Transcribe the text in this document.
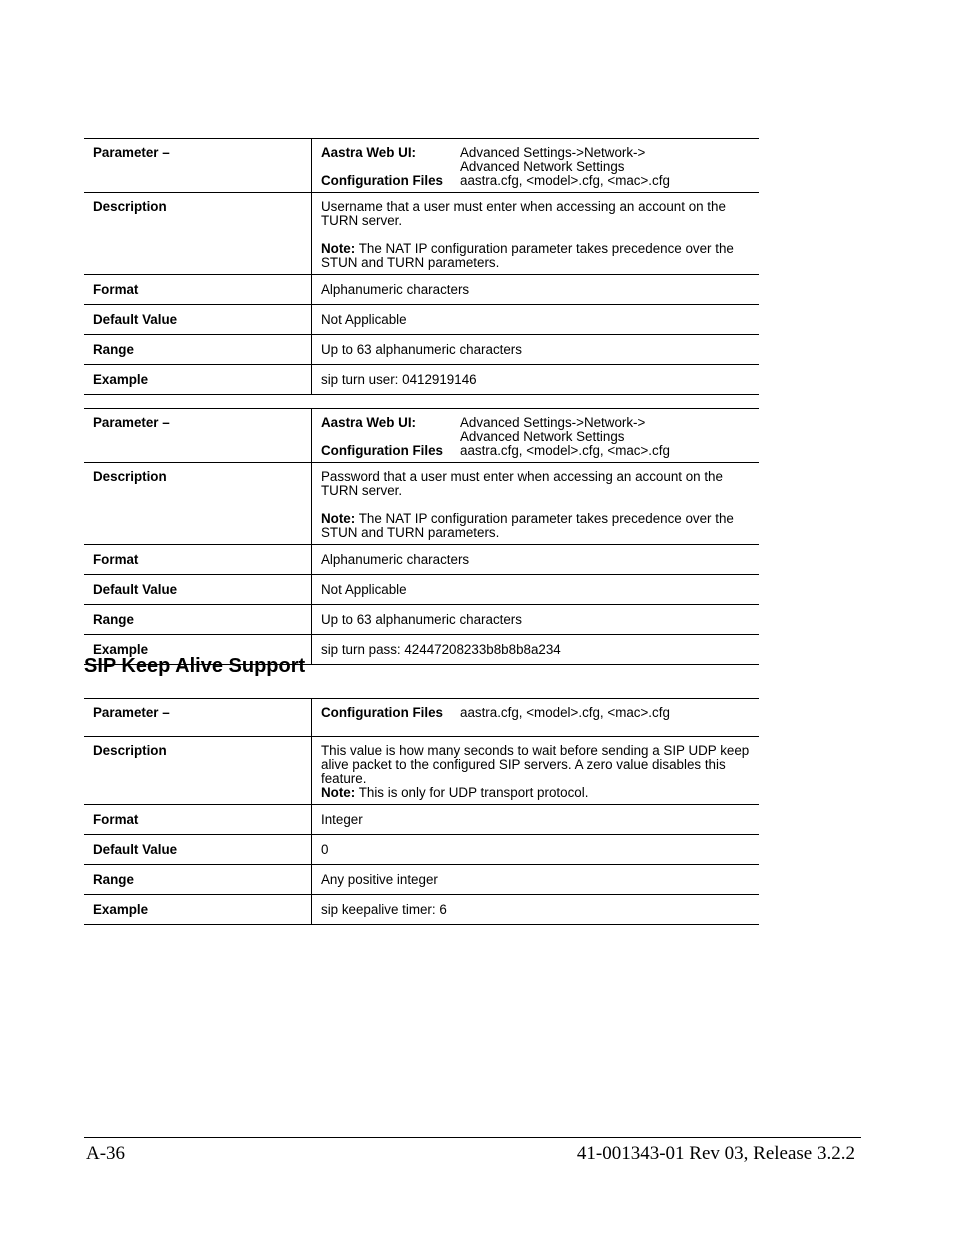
Parameter –	Aastra Web UI: Advanced Settings->Network->
Advanced Network Settings
Configuration Files aastra.cfg, <model>.cfg, <mac>.cfg

Description	Username that a user must enter when accessing an account on the TURN server.
Note: The NAT IP configuration parameter takes precedence over the STUN and TURN parameters.

Format	Alphanumeric characters
Default Value	Not Applicable
Range	Up to 63 alphanumeric characters
Example	sip turn user: 0412919146
Parameter –	Aastra Web UI: Advanced Settings->Network->
Advanced Network Settings
Configuration Files aastra.cfg, <model>.cfg, <mac>.cfg

Description	Password that a user must enter when accessing an account on the TURN server.
Note: The NAT IP configuration parameter takes precedence over the STUN and TURN parameters.

Format	Alphanumeric characters
Default Value	Not Applicable
Range	Up to 63 alphanumeric characters
Example	sip turn pass: 42447208233b8b8b8a234
SIP Keep Alive Support
Parameter –	Configuration Files aastra.cfg, <model>.cfg, <mac>.cfg

Description	This value is how many seconds to wait before sending a SIP UDP keep alive packet to the configured SIP servers. A zero value disables this feature.
Note: This is only for UDP transport protocol.

Format	Integer
Default Value	0
Range	Any positive integer
Example	sip keepalive timer: 6
A-36	41-001343-01 Rev 03, Release 3.2.2
